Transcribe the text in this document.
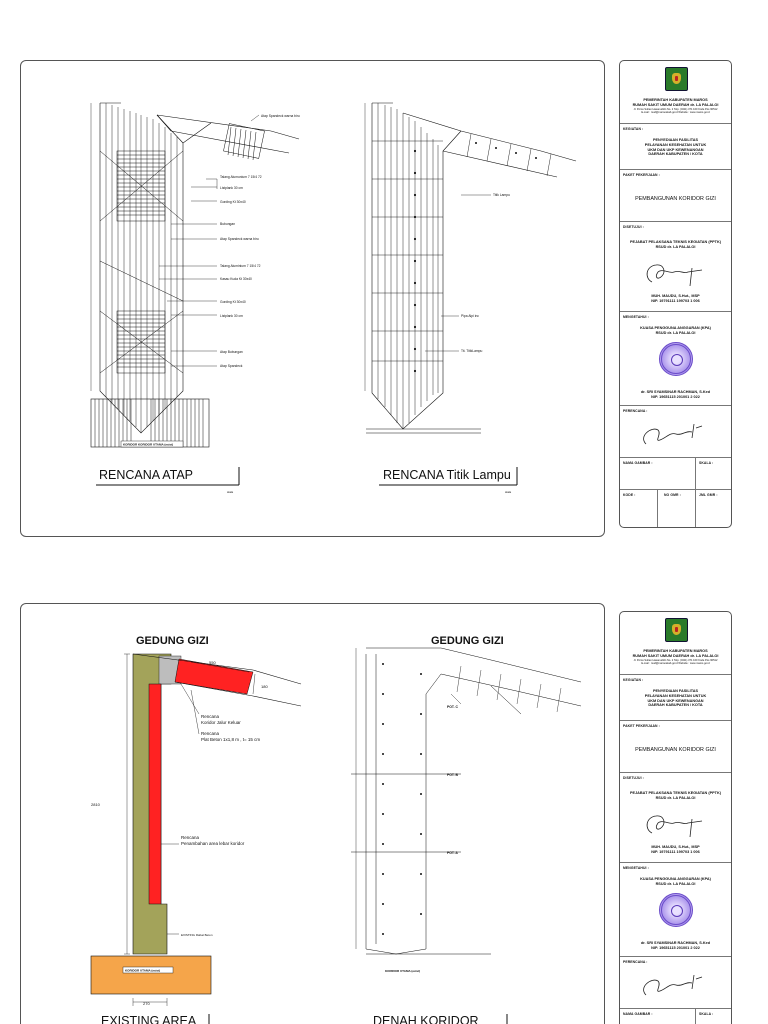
Atap Spandeck warna biru
Talang Alumunium 7 15/4 72
Listplank 30 cm
Gording Kt 30x40
Bubungan
Atap Spandeck warna biru
Talang Aluminium 7 15/4 72
Kasau Kuda Kt 30x40
Gording Kt 30x40
Listplank 30 cm
Atap Bubungan
Atap Spandeck
KORIDOR KORIDOR UTAMA (exist)
RENCANA ATAP
skala
Titik Lampu
Pipa Alpi inc
Tit. TitikLampu
RENCANA Titik Lampu
skala
GEDUNG GIZI	GEDUNG GIZI
550
180
2810
270
Rencana
Koridor Jalur Keluar
Rencana
Plat Beton 1x1,8 m , t= 15 cm
Rencana
Penambahan area lebar koridor
EXISTING Rabat Beton
KORIDOR UTAMA (exist)
EXISTING AREA
POT. C
POT. B
POT. A
KORIDOR UTAMA (exist)
DENAH KORIDOR
PEMERINTAH KABUPATEN MAROS
RUMAH SAKIT UMUM DAERAH dr. LA PALALOI
Jl. Poros Sultan Hasanuddin No. 2 Telp. (0411) 371 100 Kode Pos 90512
E-mail : rsud@marooskab.go.id Website : www.maros.go.id
KEGIATAN :
PENYEDIAAN FASILITAS
PELAYANAN KESEHATAN UNTUK
UKM DAN UKP KEWENANGAN
DAERAH KABUPATEN / KOTA
PAKET PEKERJAAN :
PEMBANGUNAN KORIDOR GIZI
DISETUJUI :
PEJABAT PELAKSANA TEKNIS KEGIATAN (PPTK)
RSUD dr. LA PALALOI
MUH. MAUDU, S.Hut., MSP
NIP. 19791111 199703 1 006
MENGETAHUI :
KUASA PENGGUNA ANGGARAN (KPA)
RSUD dr. LA PALALOI
dr. SRI SYAMSINAR RACHMAN, S.Ked
NIP. 19651115 201001 2 022
PERENCANA :
NAMA GAMBAR :	SKALA :
KODE :	NO GMR :	JML GMR :
PEMERINTAH KABUPATEN MAROS
RUMAH SAKIT UMUM DAERAH dr. LA PALALOI
Jl. Poros Sultan Hasanuddin No. 2 Telp. (0411) 371 100 Kode Pos 90512
E-mail : rsud@marooskab.go.id Website : www.maros.go.id
KEGIATAN :
PENYEDIAAN FASILITAS
PELAYANAN KESEHATAN UNTUK
UKM DAN UKP KEWENANGAN
DAERAH KABUPATEN / KOTA
PAKET PEKERJAAN :
PEMBANGUNAN KORIDOR GIZI
DISETUJUI :
PEJABAT PELAKSANA TEKNIS KEGIATAN (PPTK)
RSUD dr. LA PALALOI
MUH. MAUDU, S.Hut., MSP
NIP. 19791111 199703 1 006
MENGETAHUI :
KUASA PENGGUNA ANGGARAN (KPA)
RSUD dr. LA PALALOI
dr. SRI SYAMSINAR RACHMAN, S.Ked
NIP. 19651115 201001 2 022
PERENCANA :
NAMA GAMBAR :	SKALA :
